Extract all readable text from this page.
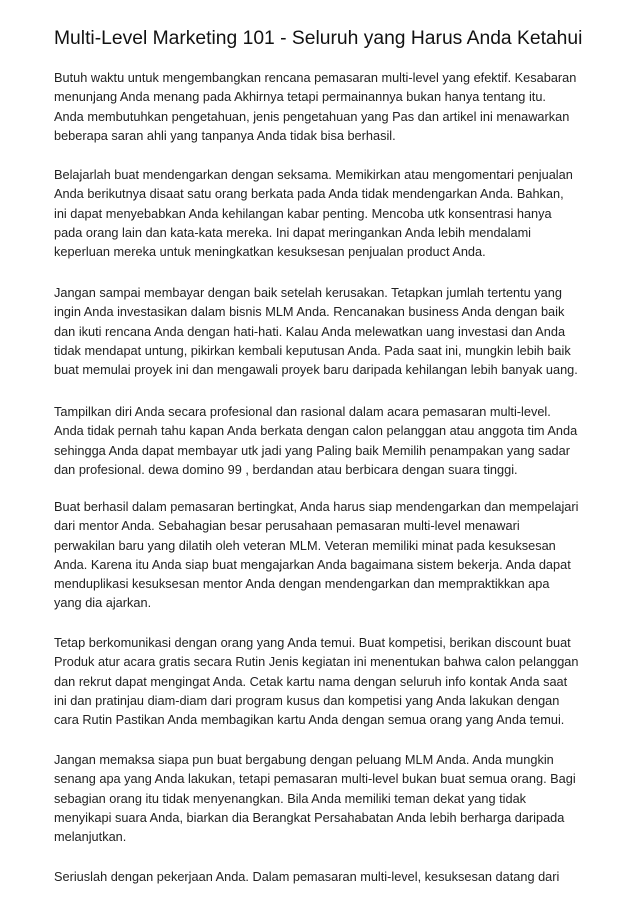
Multi-Level Marketing 101 - Seluruh yang Harus Anda Ketahui

Butuh waktu untuk mengembangkan rencana pemasaran multi-level yang efektif. Kesabaran
menunjang Anda menang pada Akhirnya tetapi permainannya bukan hanya tentang itu.
Anda membutuhkan pengetahuan, jenis pengetahuan yang Pas dan artikel ini menawarkan
beberapa saran ahli yang tanpanya Anda tidak bisa berhasil.

Belajarlah buat mendengarkan dengan seksama. Memikirkan atau mengomentari penjualan
Anda berikutnya disaat satu orang berkata pada Anda tidak mendengarkan Anda. Bahkan,
ini dapat menyebabkan Anda kehilangan kabar penting. Mencoba utk konsentrasi hanya
pada orang lain dan kata-kata mereka. Ini dapat meringankan Anda lebih mendalami
keperluan mereka untuk meningkatkan kesuksesan penjualan product Anda.

Jangan sampai membayar dengan baik setelah kerusakan. Tetapkan jumlah tertentu yang
ingin Anda investasikan dalam bisnis MLM Anda. Rencanakan business Anda dengan baik
dan ikuti rencana Anda dengan hati-hati. Kalau Anda melewatkan uang investasi dan Anda
tidak mendapat untung, pikirkan kembali keputusan Anda. Pada saat ini, mungkin lebih baik
buat memulai proyek ini dan mengawali proyek baru daripada kehilangan lebih banyak uang.

Tampilkan diri Anda secara profesional dan rasional dalam acara pemasaran multi-level.
Anda tidak pernah tahu kapan Anda berkata dengan calon pelanggan atau anggota tim Anda
sehingga Anda dapat membayar utk jadi yang Paling baik Memilih penampakan yang sadar
dan profesional. dewa domino 99 , berdandan atau berbicara dengan suara tinggi.

Buat berhasil dalam pemasaran bertingkat, Anda harus siap mendengarkan dan mempelajari
dari mentor Anda. Sebahagian besar perusahaan pemasaran multi-level menawari
perwakilan baru yang dilatih oleh veteran MLM. Veteran memiliki minat pada kesuksesan
Anda. Karena itu Anda siap buat mengajarkan Anda bagaimana sistem bekerja. Anda dapat
menduplikasi kesuksesan mentor Anda dengan mendengarkan dan mempraktikkan apa
yang dia ajarkan.

Tetap berkomunikasi dengan orang yang Anda temui. Buat kompetisi, berikan discount buat
Produk atur acara gratis secara Rutin Jenis kegiatan ini menentukan bahwa calon pelanggan
dan rekrut dapat mengingat Anda. Cetak kartu nama dengan seluruh info kontak Anda saat
ini dan pratinjau diam-diam dari program kusus dan kompetisi yang Anda lakukan dengan
cara Rutin Pastikan Anda membagikan kartu Anda dengan semua orang yang Anda temui.

Jangan memaksa siapa pun buat bergabung dengan peluang MLM Anda. Anda mungkin
senang apa yang Anda lakukan, tetapi pemasaran multi-level bukan buat semua orang. Bagi
sebagian orang itu tidak menyenangkan. Bila Anda memiliki teman dekat yang tidak
menyikapi suara Anda, biarkan dia Berangkat Persahabatan Anda lebih berharga daripada
melanjutkan.

Seriuslah dengan pekerjaan Anda. Dalam pemasaran multi-level, kesuksesan datang dari
